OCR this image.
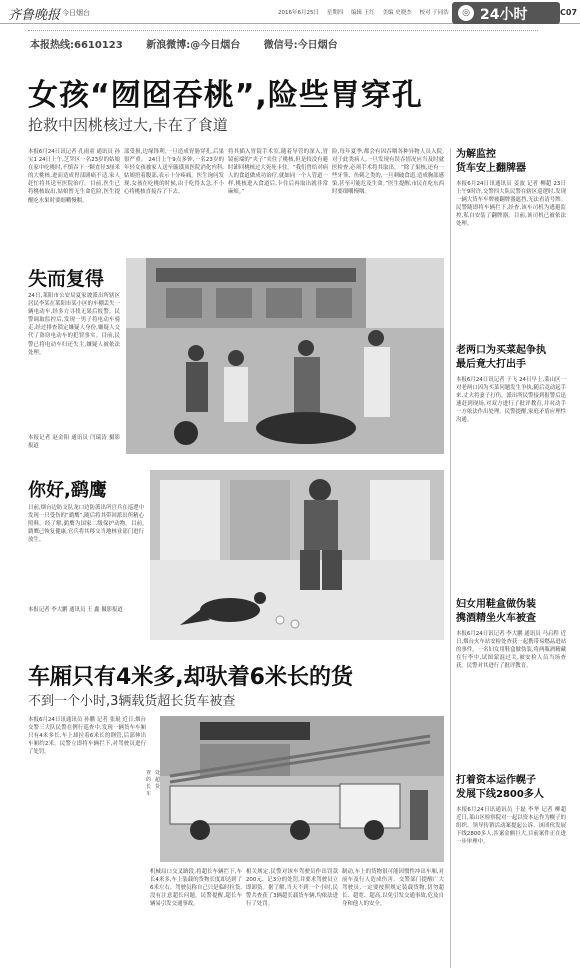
齐鲁晚报 今日烟台	2016年6月25日 星期四 编辑 王红 美编 史晓杰 校对 于同浩	◎ 24小时	C07
本报热线:6610123 新浪微博:@今日烟台 微信号:今日烟台
女孩“囫囵吞桃”,险些胃穿孔
抢救中因桃核过大,卡在了食道
本报6月24日讯记者 孔雨童 通讯员 孙宝1 24日上午,芝罘区一名23岁的姑娘在家中吃桃时,不慎吞下一颗直径3厘米的大桃核,进而造成胃部剧痛不适,家人赶忙将其送至医院治疗。目前,医生已将桃核取出,姑娘暂无生命危险,医生提醒吃水果时要细嚼慢咽。
部受损,边缘锋利,一旦造成胃肠穿孔,后果很严重。 24日上午9点多钟,一名23岁的年轻女孩被家人送至毓璜顶医院消化内科,姑娘捂着腹部,表示十分疼痛。医生询问发现,女孩在吃桃的时候,由于吃得太急,不小心将桃核直接吞了下去。
将其插入胃镜手术室,随着导管的深入,胃镜前端的“夹子”夹住了桃核,但是较没有避时卸回桃核过大死死卡住。“我们曾给对病人的食道做成功治疗,就如同一个人管道一样,桃核进入食道后,卡住后再取出就非常麻烦。”
险,每年夏季,都会有因吞咽各种异物人员入院,对于此类病人,一旦发现有误吞情况应当及时就医检查,必须手术将其取出。 “除了果核,还有一些牙签、鱼刺之类的,一旦刺破食道,造成胸部感染,甚至可能危及生命。”医生提醒,市民在吃东西时要细嚼慢咽。
失而复得
24日,莱阳市公安局夏家坡派出所辖区居民李某在莱阳市某小区的车棚丢失一辆电动车,经多方寻找无果后报警。民警调取监控后,发现一男子将电动车骑走,经过排查锁定嫌疑人身份,嫌疑人交代了盗窃电动车的犯罪事实。目前,民警已将电动车归还失主,嫌疑人被依法处理。
本报记者 赵金阳 通讯员 闫瑞涛 摄影报道
你好,鹞鹰
日前,烟台边防支队龙口边防派出所官兵在巡逻中发现一只受伤的“鹞鹰”,随后将其带回派出所精心照料。经了解,鹞鹰为国家二级保护动物。目前,鹞鹰已恢复健康,官兵将其移交当地林业部门进行放生。
本报记者 李大鹏 通讯员 王 鑫 摄影报道
车厢只有4米多,却驮着6米长的货
不到一个小时,3辆载货超长货车被查
本报6月24日讯通讯员 孙鹏 记者 张琨 近日,烟台交警三大队民警在例行巡查中,发现一辆货车车厢只有4米多长,车上却拉着6米长的钢管,后部伸出车厢约2米。民警立即将车辆拦下,对驾驶员进行了处罚。
查处的超长货车
机械局口交叉路段,将超长车辆拦下,车长4米多,车上装载的货物长度却达到了6米左右。驾驶员称自己只是临时拉货,没有注意超长问题。民警提醒,超长车辆易引发交通事故。
相关规定,民警对该车驾驶员作出罚款200元、记3分的处罚,并要求驾驶员立即卸货。据了解,当天不到一个小时,民警共查获了3辆超长载货车辆,均依法进行了处罚。
制动,车上的货物很可能因惯性冲出车厢,对前车及行人造成伤害。交警部门提醒广大驾驶员,一定要按照规定装载货物,切勿超长、超宽、超高,以免引发交通事故,危及自身和他人的安全。
为解监控
货车安上翻牌器
本报6月24日讯通讯员 姜波 记者 柳超 23日上午9时许,交警四大队民警在辖区巡逻时,发现一辆大货车车牌被翻牌器遮挡,无法看清号牌。民警随即将车辆拦下,经查,该车司机为逃避监控,私自安装了翻牌器。目前,该司机已被依法处理。
老两口为买菜起争执
最后竟大打出手
本报6月24日讯记者 于飞 24日早上,莱山区一对老两口因为买菜问题发生争执,随后竟动起手来,丈夫将妻子打伤。派出所民警接到报警后迅速赶到现场,对双方进行了批评教育,并对动手一方依法作出处理。民警提醒,家庭矛盾应理性沟通。
妇女用鞋盒做伪装
携酒精坐火车被查
本报6月24日讯记者 李大鹏 通讯员 马启程 近日,烟台火车站安检处查获一起携带易燃品进站的事件。一名妇女用鞋盒做伪装,将两瓶酒精藏在行李中,试图蒙混过关,被安检人员当场查获。民警对其进行了批评教育。
打着资本运作幌子
发展下线2800多人
本报6月24日讯通讯员 于磊 李华 记者 柳超 近日,莱山区检察院对一起以资本运作为幌子的组织、领导传销活动案提起公诉。该团伙发展下线2800多人,涉案金额巨大,目前案件正在进一步审理中。
